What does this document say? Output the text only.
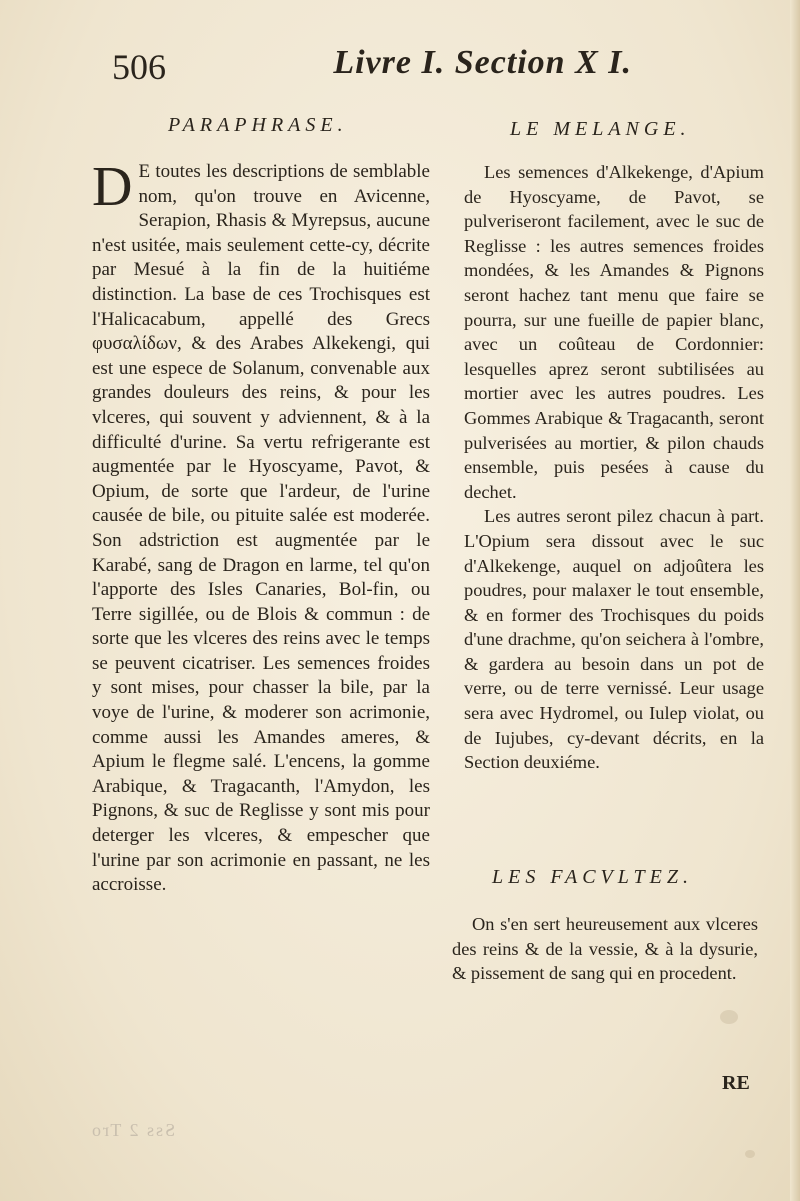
506	Livre I. Section X I.
PARAPHRASE.	LE MELANGE.

D E toutes les descriptions de semblable nom, qu'on trouve en Avicenne, Serapion, Rhasis & Myrepsus, aucune n'est usitée, mais seulement cette-cy, décrite par Mesué à la fin de la huitiéme distinction. La base de ces Trochisques est l'Halicacabum, appellé des Grecs φυσαλίδων, & des Arabes Alkekengi, qui est une espece de Solanum, convenable aux grandes douleurs des reins, & pour les vlceres, qui souvent y adviennent, & à la difficulté d'urine. Sa vertu refrigerante est augmentée par le Hyoscyame, Pavot, & Opium, de sorte que l'ardeur, de l'urine causée de bile, ou pituite salée est moderée. Son adstriction est augmentée par le Karabé, sang de Dragon en larme, tel qu'on l'apporte des Isles Canaries, Bol-fin, ou Terre sigillée, ou de Blois & commun : de sorte que les vlceres des reins avec le temps se peuvent cicatriser. Les semences froides y sont mises, pour chasser la bile, par la voye de l'urine, & moderer son acrimonie, comme aussi les Amandes ameres, & Apium le flegme salé. L'encens, la gomme Arabique, & Tragacanth, l'Amydon, les Pignons, & suc de Reglisse y sont mis pour deterger les vlceres, & empescher que l'urine par son acrimonie en passant, ne les accroisse.

Les semences d'Alkekenge, d'Apium de Hyoscyame, de Pavot, se pulveriseront facilement, avec le suc de Reglisse : les autres semences froides mondées, & les Amandes & Pignons seront hachez tant menu que faire se pourra, sur une fueille de papier blanc, avec un coûteau de Cordonnier: lesquelles aprez seront subtilisées au mortier avec les autres poudres. Les Gommes Arabique & Tragacanth, seront pulverisées au mortier, & pilon chauds ensemble, puis pesées à cause du dechet.

Les autres seront pilez chacun à part. L'Opium sera dissout avec le suc d'Alkekenge, auquel on adjoûtera les poudres, pour malaxer le tout ensemble, & en former des Trochisques du poids d'une drachme, qu'on seichera à l'ombre, & gardera au besoin dans un pot de verre, ou de terre vernissé. Leur usage sera avec Hydromel, ou Iulep violat, ou de Iujubes, cy-devant décrits, en la Section deuxiéme.

LES FACVLTEZ.

On s'en sert heureusement aux vlceres des reins & de la vessie, & à la dysurie, & pissement de sang qui en procedent.

RE
Sss 2 Tro
